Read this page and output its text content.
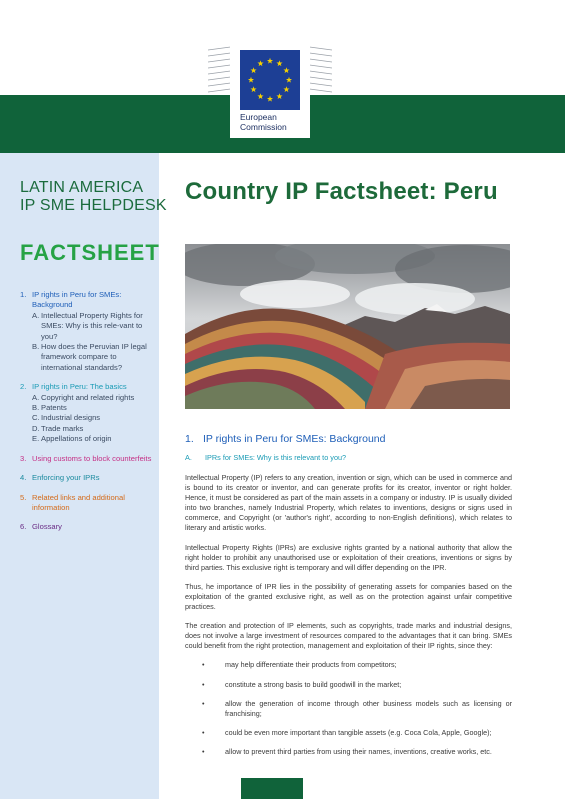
European
Commission
LATIN AMERICA
IP SME HELPDESK
FACTSHEET
1. IP rights in Peru for SMEs: Background
A. Intellectual Property Rights for SMEs: Why is this rele-vant to you?
B. How does the Peruvian IP legal framework compare to international standards?
2. IP rights in Peru: The basics
A. Copyright and related rights
B. Patents
C. Industrial designs
D. Trade marks
E. Appellations of origin
3. Using customs to block counterfeits
4. Enforcing your IPRs
5. Related links and additional information
6. Glossary
Country IP Factsheet: Peru
1. IP rights in Peru for SMEs: Background
A. IPRs for SMEs: Why is this relevant to you?

Intellectual Property (IP) refers to any creation, invention or sign, which can be used in commerce and is bound to its creator or inventor, and can generate profits for its creator, inventor or right holder. Hence, it must be considered as part of the main assets in a company or industry. IP is usually divided into two branches, namely Industrial Property, which relates to inventions, designs or signs used in commerce, and Copyright (or 'author's right', according to non-English definitions), which relates to literary and artistic works.

Intellectual Property Rights (IPRs) are exclusive rights granted by a national authority that allow the right holder to prohibit any unauthorised use or exploitation of their creations, inventions or signs by third parties. This exclusive right is temporary and will differ depending on the IPR.

Thus, he importance of IPR lies in the possibility of generating assets for companies based on the exploitation of the granted exclusive right, as well as on the protection against unfair competitive practices.

The creation and protection of IP elements, such as copyrights, trade marks and industrial designs, does not involve a large investment of resources compared to the advantages that it can bring. SMEs could benefit from the right protection, management and exploitation of their IP rights, since they:

•	may help differentiate their products from competitors;
•	constitute a strong basis to build goodwill in the market;
•	allow the generation of income through other business models such as licensing or franchising;
•	could be even more important than tangible assets (e.g. Coca Cola, Apple, Google);
•	allow to prevent third parties from using their names, inventions, creative works, etc.
